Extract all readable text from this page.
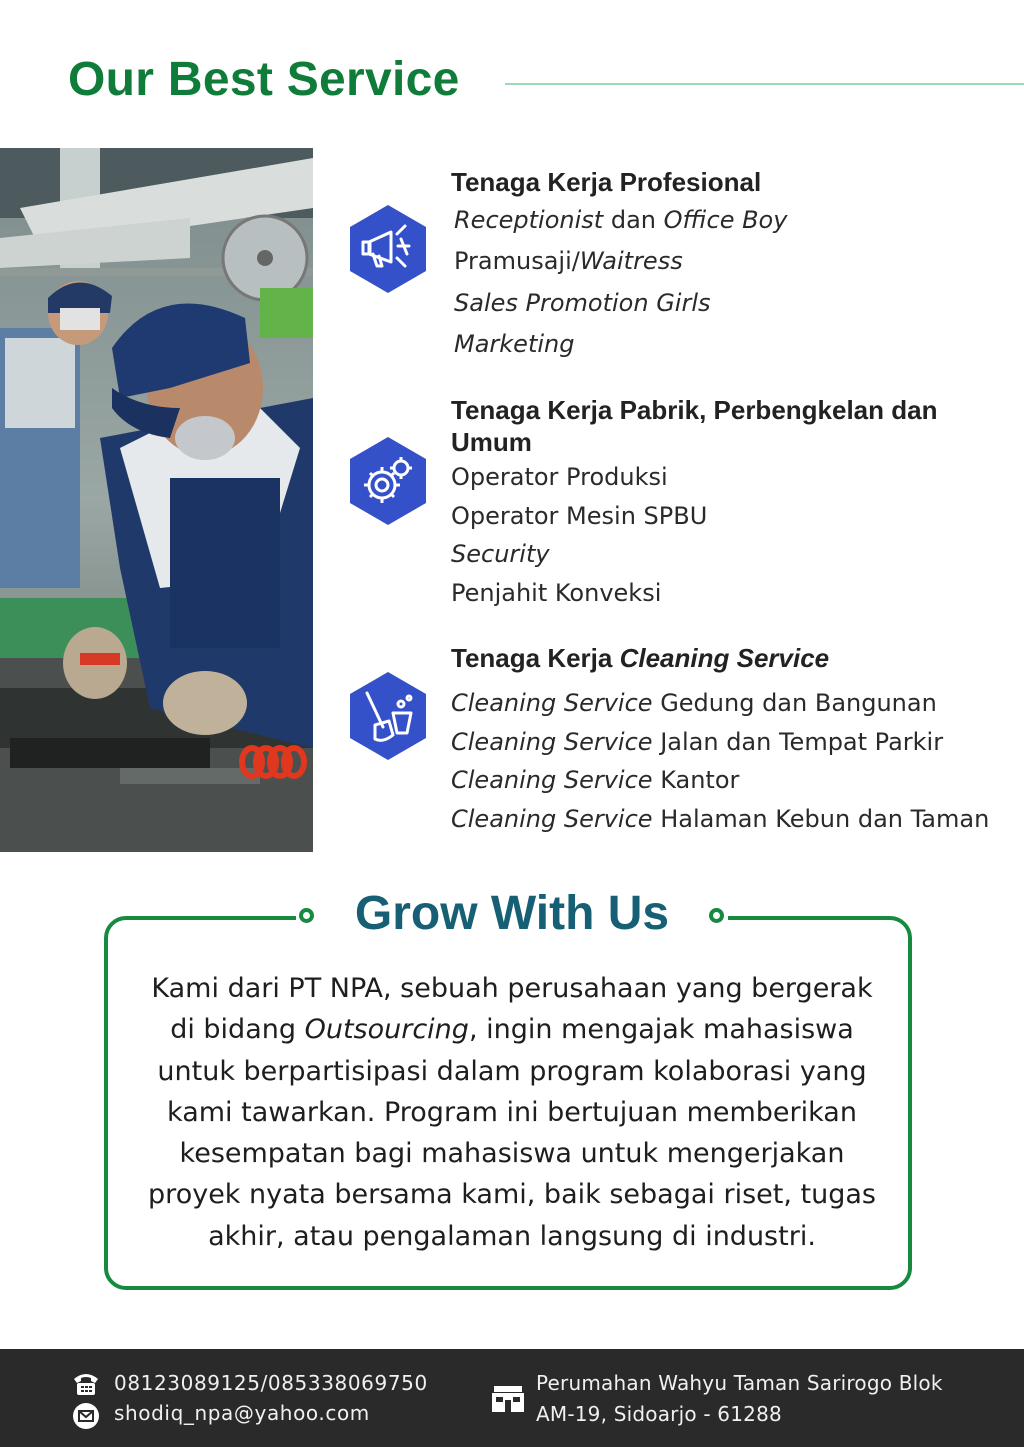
Our Best Service
Tenaga Kerja Profesional
Receptionist dan Office Boy
Pramusaji/Waitress
Sales Promotion Girls
Marketing
Tenaga Kerja Pabrik, Perbengkelan dan
Umum
Operator Produksi
Operator Mesin SPBU
Security
Penjahit Konveksi
Tenaga Kerja Cleaning Service
Cleaning Service Gedung dan Bangunan
Cleaning Service Jalan dan Tempat Parkir
Cleaning Service Kantor
Cleaning Service Halaman Kebun dan Taman
Grow With Us

Kami dari PT NPA, sebuah perusahaan yang bergerak
di bidang Outsourcing, ingin mengajak mahasiswa
untuk berpartisipasi dalam program kolaborasi yang
kami tawarkan. Program ini bertujuan memberikan
kesempatan bagi mahasiswa untuk mengerjakan
proyek nyata bersama kami, baik sebagai riset, tugas
akhir, atau pengalaman langsung di industri.

08123089125/085338069750
shodiq_npa@yahoo.com
Perumahan Wahyu Taman Sarirogo Blok
AM-19, Sidoarjo - 61288
